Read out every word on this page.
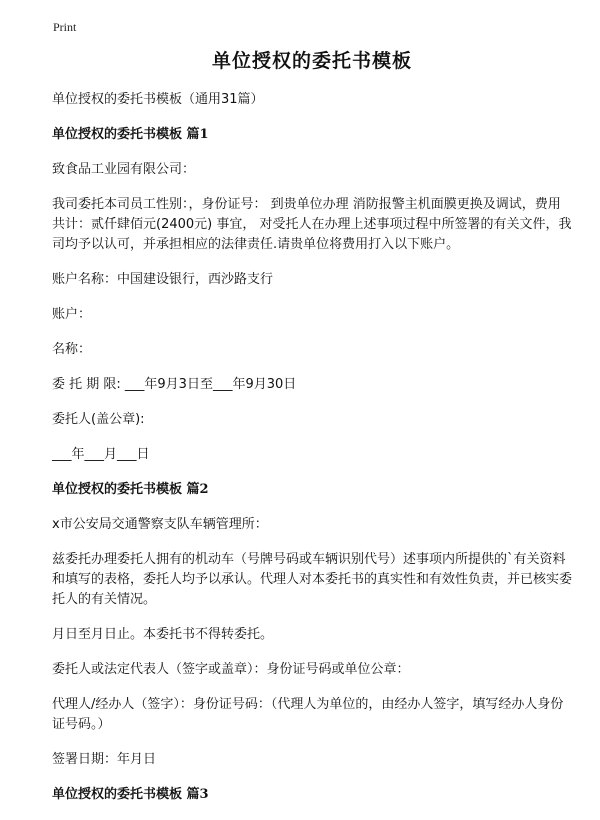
Print
单位授权的委托书模板
单位授权的委托书模板（通用31篇）
单位授权的委托书模板 篇1
致食品工业园有限公司：
我司委托本司员工性别：，身份证号： 到贵单位办理 消防报警主机面膜更换及调试，费用共计：贰仟肆佰元(2400元) 事宜， 对受托人在办理上述事项过程中所签署的有关文件，我司均予以认可，并承担相应的法律责任.请贵单位将费用打入以下账户。
账户名称：中国建设银行，西沙路支行
账户：
名称：
委 托 期 限: ___年9月3日至___年9月30日
委托人(盖公章):
___年___月___日
单位授权的委托书模板 篇2
x市公安局交通警察支队车辆管理所：
兹委托办理委托人拥有的机动车（号牌号码或车辆识别代号）述事项内所提供的`有关资料和填写的表格，委托人均予以承认。代理人对本委托书的真实性和有效性负责，并已核实委托人的有关情况。
月日至月日止。本委托书不得转委托。
委托人或法定代表人（签字或盖章）：身份证号码或单位公章：
代理人/经办人（签字）：身份证号码：（代理人为单位的，由经办人签字，填写经办人身份证号码。）
签署日期：年月日
单位授权的委托书模板 篇3
